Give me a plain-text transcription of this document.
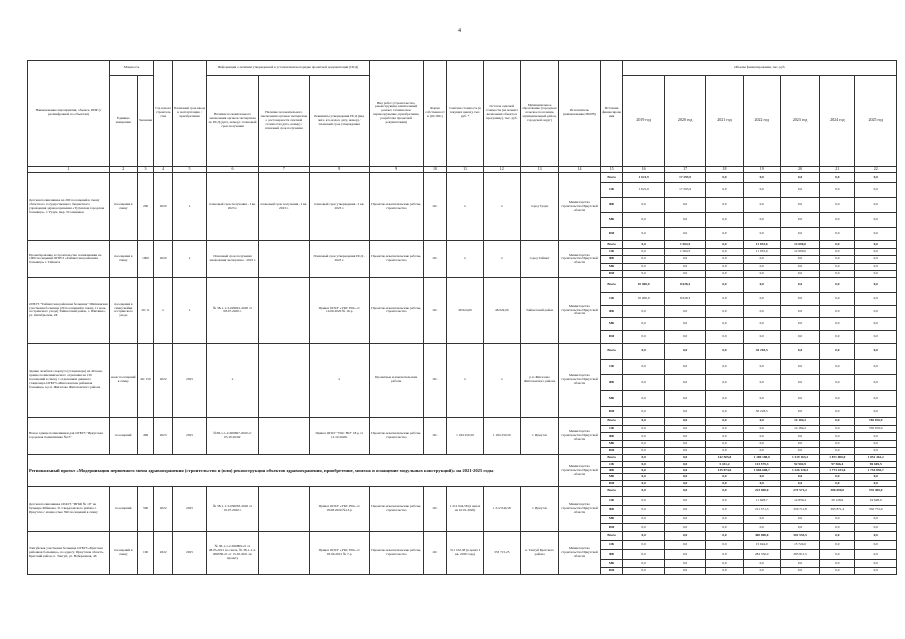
4
Наименование мероприятия, объекта, ПИР (с расшифровкой по объектам)	Мощность		Год начала строительства	Плановый срок ввода в эксплуатацию / приобретения	Информация о наличии утвержденной в установленном порядке проектной документации (ПСД)			Вид работ (строительство, реконструкция, капитальный ремонт, техническое перевооружение, приобретение, разработка проектной документации)	Форма собственности (ОС/МС)	Сметная стоимость (в текущих ценах), тыс. руб. *	Остаток сметной стоимости (на момент включения объекта в программу), тыс. руб.	Муниципальное образование (городское/сельское поселение, муниципальный район, городской округ)	Исполнитель (наименование ИОГВ)	Источник финансирования	Объемы финансирования, тыс. руб.						
	Единица измерения	Значение			Наличие положительного заключения органов экспертизы по ПСД (дата, номер) / плановый срок получения	Наличие положительного заключения органов экспертизы о достоверности сметной стоимости (дата, номер) / плановый срок получения	Реквизиты утверждения ПСД (вид акта, кто издал, дату, номер) / плановый срок утверждения								2019 год	2020 год	2021 год	2022 год	2023 год	2024 год	2025 год
1	2	3	4	5	6	7	8	9	10	11	12	13	14	15	16	17	18	19	20	21	22
Детская поликлиника на 200 посещений в смену областного государственного бюджетного учреждения здравоохранения «Тулунская городская больница», г. Тулун, мкр. Угольщиков	посещения в смену	200	2020	х	плановый срок получения - I кв. 2023 г.	плановый срок получения - I кв. 2023 г.	плановый срок утверждения - I кв. 2023 г.	Проектно-изыскательские работы, строительство	ОС	х	х	город Тулун	Министерство строительства Иркутской области	Всего	1 621,9	17 293,9	0,0	0,0	0,0	0,0	0,0
														ОБ	1 621,9	17 293,9	0,0	0,0	0,0	0,0	0,0
														ФБ	0,0	0,0	0,0	0,0	0,0	0,0	0,0
														МБ	0,0	0,0	0,0	0,0	0,0	0,0	0,0
														ИИ	0,0	0,0	0,0	0,0	0,0	0,0	0,0
Проектирование и строительство поликлиники на 1000 посещений ОГБУЗ «Тайшетская районная больница» г. Тайшета	посещения в смену	1000	2020	х	Плановый срок получения заключения экспертизы - 2023 г.		Плановый срок утверждения ПСД - 2023 г.	Проектно-изыскательские работы, строительство	ОС	х	х	город Тайшет	Министерство строительства Иркутской области	Всего	0,0	1 564,5	0,0	11 035,6	12 600,0	0,0	0,0
														ОБ	0,0	1 564,5	0,0	11 035,6	12 600,0	0,0	0,0
														ФБ	0,0	0,0	0,0	0,0	0,0	0,0	0,0
														МБ	0,0	0,0	0,0	0,0	0,0	0,0	0,0
														ИИ	0,0	0,0	0,0	0,0	0,0	0,0	0,0
ОГБУЗ "Тайшетская районная больница" Шиткинская участковая больница (20 посещений в смену, 11 коек, сестринского ухода) Тайшетский район, с. Шиткино, ул. Октябрьская, 2Б	посещения в смену/койки сестринского ухода	20/ 11	х	х	№ 38-1-1-3-029691-2020 от 08.07.2020 г.		Приказ ОГКУ «УКС НО» от 14.09.2020 № 16-р	Проектно-изыскательские работы, строительство	ОС	48 624,00	48 624,00	Тайшетский район	Министерство строительства Иркутской области	Всего	10 000,0	8 628,3	0,0	0,0	0,0	0,0	0,0
														ОБ	10 000,0	8 628,3	0,0	0,0	0,0	0,0	0,0
														ФБ	0,0	0,0	0,0	0,0	0,0	0,0	0,0
														МБ	0,0	0,0	0,0	0,0	0,0	0,0	0,0
														ИИ	0,0	0,0	0,0	0,0	0,0	0,0	0,0
Здание лечебного корпуса (стационара) на 40 коек, здание поликлинического отделения на 150 посещений в смену с отделением дневного стационара ОГБУЗ «Жигаловская районная больница» в р.п. Жигалово Жигаловского района	коек/ посещений в смену	40/ 150	2022	2025	х		х	Проектные и изыскательские работы	ОС	х	х	р.п. Жигалово Жигаловского района	Министерство строительства Иркутской области	Всего	0,0	0,0	0,0	36 218,5	0,0	0,0	0,0
														ОБ	0,0	0,0	0,0	0,0	0,0	0,0	0,0
														ФБ	0,0	0,0	0,0	0,0	0,0	0,0	0,0
														МБ	0,0	0,0	0,0	0,0	0,0	0,0	0,0
														ИИ	0,0	0,0	0,0	36 218,5	0,0	0,0	0,0
Новое здание поликлиники для ОГБУЗ "Иркутская городская поликлиника №15"	посещений	499	2023	2025	№38-1-1-2-069697-2020 от 05.10.2020г		Приказ ОГКУ "УКС НО" 18-р от 12.10.2020г	Проектно-изыскательские работы, строительство	ОС	1 184 250,50	1 184 250,50	г. Иркутск	Министерство строительства Иркутской области	Всего	0,0	0,0	0,0	0,0	14 184,2	0,0	706 676,9
														ОБ	0,0	0,0	0,0	0,0	14 184,2	0,0	706 676,9
														ФБ	0,0	0,0	0,0	0,0	0,0	0,0	0,0
														МБ	0,0	0,0	0,0	0,0	0,0	0,0	0,0
														ИИ	0,0	0,0	0,0	0,0	0,0	0,0	0,0
Региональный проект «Модернизация первичного звена здравоохранения (строительство и (или) реконструкция объектов здравоохранения, приобретение, монтаж и оснащение модульных конструкций)» на 2021-2025 годы													Министерство строительства Иркутской области	Всего	0,0	0,0	142 505,8	1 180 188,0	1 319 163,2	1 871 000,0	1 851 461,2
														ОБ	0,0	0,0	5 431,2	113 579,3	92 902,9	97 566,4	96 605,5
														ФБ	0,0	0,0	135 074,6	1 066 608,7	1 226 120,3	1 773 433,6	1 754 855,7
														МБ	0,0	0,0	0,0	0,0	0,0	0,0	0,0
														ИИ	0,0	0,0	0,0	0,0	0,0	0,0	0,0
Детская поликлиника ОГАУЗ "ИГКБ № 10" на бульваре Рябикова, 31 Свердловского района г. Иркутска с мощностью 590 посещений в смену	посещений	590	2022	2025	№ 38-1-1-3-036063-2020 от 10.07.2020 г.		Приказ ОГКУ «УКС НО» от 18.08.2020 №13-р	Проектно-изыскательские работы, строительство	ОС	1 212 044,58 (в ценах на 01.01.2020)	1 212 044,58	г. Иркутск	Министерство строительства Иркутской области	Всего	0,0	0,0	0,0	223 000,0	274 571,2	386 000,0	376 400,0
														ОБ	0,0	0,0	0,0	11 628,7	14 859,4	20 128,6	19 628,0
														ФБ	0,0	0,0	0,0	211 371,3	259 711,8	365 871,4	356 772,0
														МБ	0,0	0,0	0,0	0,0	0,0	0,0	0,0
														ИИ	0,0	0,0	0,0	0,0	0,0	0,0	0,0
Тангуйская участковая больница ОГБУЗ «Братская районная больница», по адресу: Иркутская область, Братский район, п. Тангуй, ул. Набережная, 46	посещений в смену	100	2022	2025	№ 38-1-1-2-026809-21 от 28.05.2021 по смете, № 38-1-1-2-006058-21 от 15.02.2021 по проекту		Приказ ОГКУ «УКС НО» от 03.06.2021 № 7-р	Проектно-изыскательские работы, строительство	ОС	511 102,58 (в ценах I кв. 2020 года)	353 715,25	п. Тангуй Братского района	Министерство строительства Иркутской области	Всего	0,0	0,0	0,0	300 000,0	301 535,5	0,0	0,0
														ОБ	0,0	0,0	0,0	15 644,0	15 724,0	0,0	0,0
														ФБ	0,0	0,0	0,0	284 356,0	285 811,5	0,0	0,0
														МБ	0,0	0,0	0,0	0,0	0,0	0,0	0,0
														ИИ	0,0	0,0	0,0	0,0	0,0	0,0	0,0
